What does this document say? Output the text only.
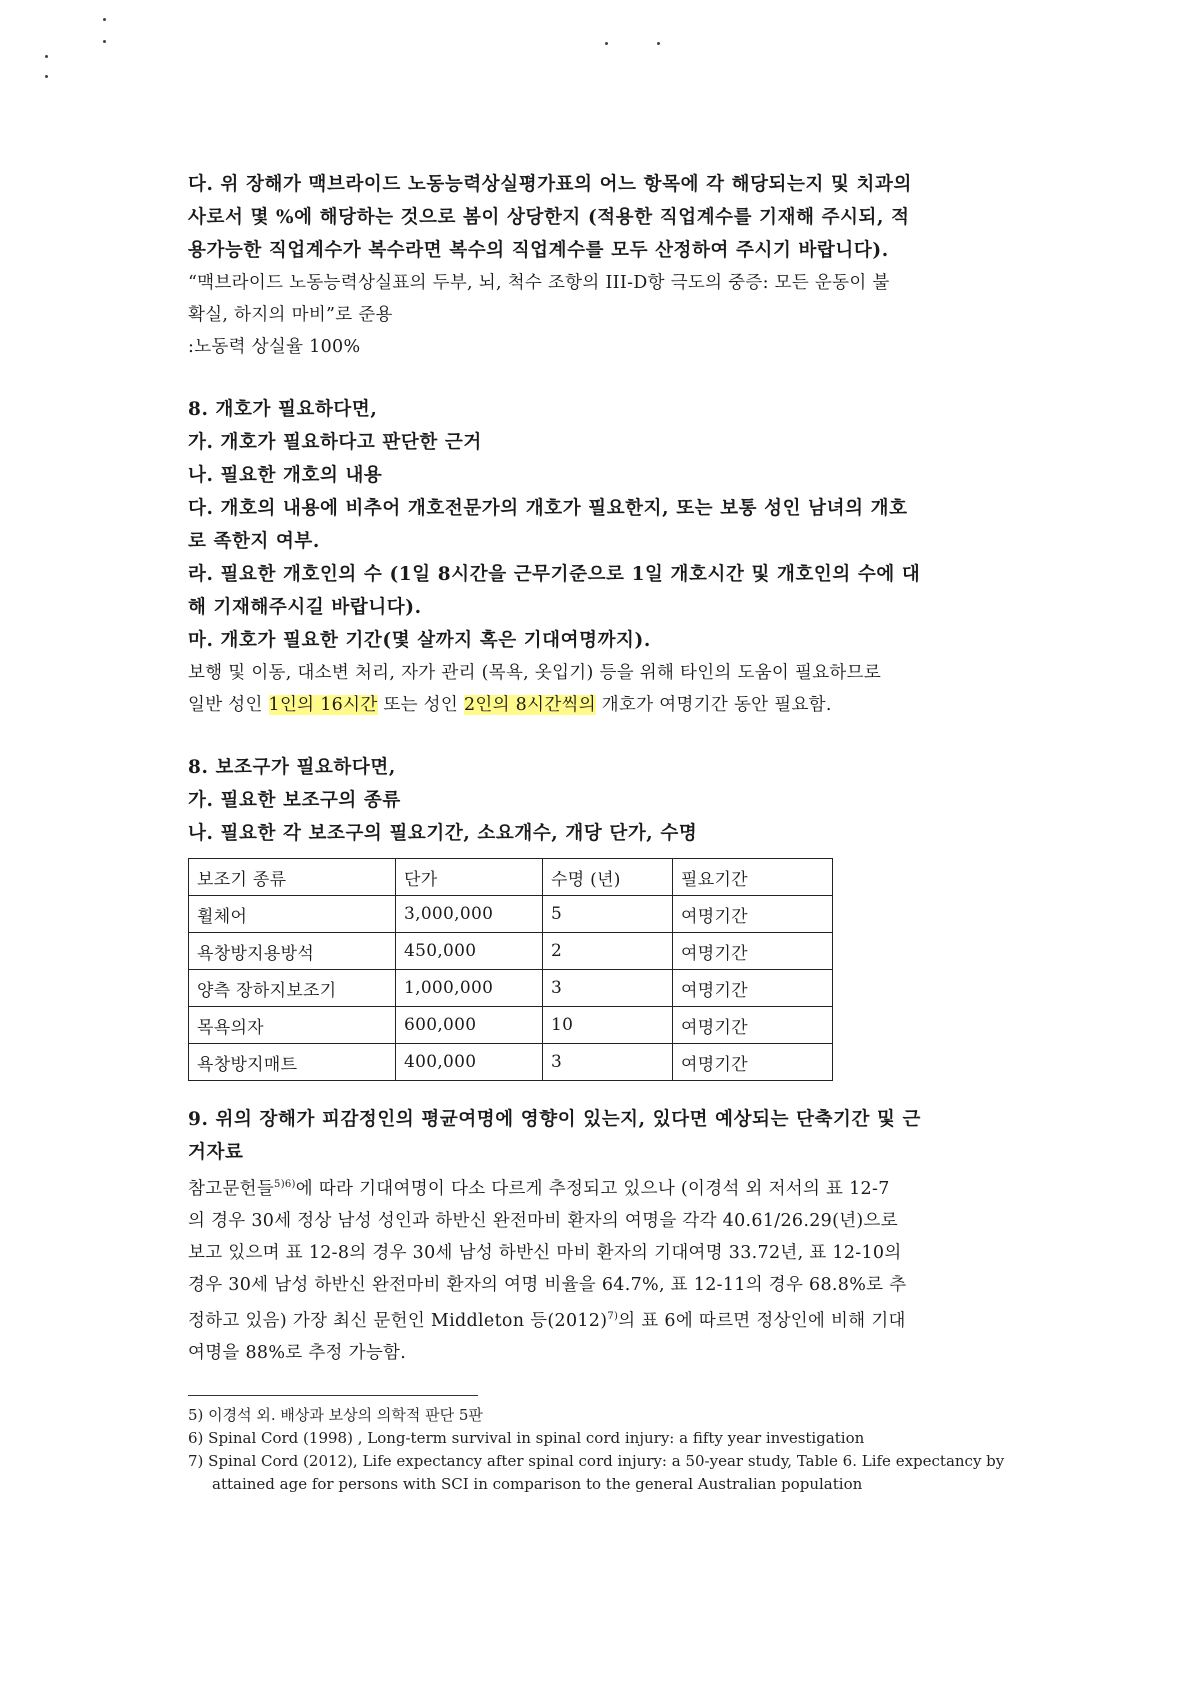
다. 위 장해가 맥브라이드 노동능력상실평가표의 어느 항목에 각 해당되는지 및 치과의
사로서 몇 %에 해당하는 것으로 봄이 상당한지 (적용한 직업계수를 기재해 주시되, 적
용가능한 직업계수가 복수라면 복수의 직업계수를 모두 산정하여 주시기 바랍니다).
“맥브라이드 노동능력상실표의 두부, 뇌, 척수 조항의 III-D항 극도의 중증: 모든 운동이 불
확실, 하지의 마비”로 준용
:노동력 상실율 100%
8. 개호가 필요하다면,
가. 개호가 필요하다고 판단한 근거
나. 필요한 개호의 내용
다. 개호의 내용에 비추어 개호전문가의 개호가 필요한지, 또는 보통 성인 남녀의 개호
로 족한지 여부.
라. 필요한 개호인의 수 (1일 8시간을 근무기준으로 1일 개호시간 및 개호인의 수에 대
해 기재해주시길 바랍니다).
마. 개호가 필요한 기간(몇 살까지 혹은 기대여명까지).
보행 및 이동, 대소변 처리, 자가 관리 (목욕, 옷입기) 등을 위해 타인의 도움이 필요하므로
일반 성인 1인의 16시간 또는 성인 2인의 8시간씩의 개호가 여명기간 동안 필요함.
8. 보조구가 필요하다면,
가. 필요한 보조구의 종류
나. 필요한 각 보조구의 필요기간, 소요개수, 개당 단가, 수명
보조기 종류	단가	수명 (년)	필요기간
휠체어	3,000,000	5	여명기간
욕창방지용방석	450,000	2	여명기간
양측 장하지보조기	1,000,000	3	여명기간
목욕의자	600,000	10	여명기간
욕창방지매트	400,000	3	여명기간
9. 위의 장해가 피감정인의 평균여명에 영향이 있는지, 있다면 예상되는 단축기간 및 근
거자료
참고문헌들$^{5)6)}$에 따라 기대여명이 다소 다르게 추정되고 있으나 (이경석 외 저서의 표 12-7
의 경우 30세 정상 남성 성인과 하반신 완전마비 환자의 여명을 각각 40.61/26.29(년)으로
보고 있으며 표 12-8의 경우 30세 남성 하반신 마비 환자의 기대여명 33.72년, 표 12-10의
경우 30세 남성 하반신 완전마비 환자의 여명 비율을 64.7%, 표 12-11의 경우 68.8%로 추
정하고 있음) 가장 최신 문헌인 Middleton 등$(2012)^{7)}$의 표 6에 따르면 정상인에 비해 기대
여명을 88%로 추정 가능함.
5) 이경석 외. 배상과 보상의 의학적 판단 5판
6) Spinal Cord (1998) , Long-term survival in spinal cord injury: a fifty year investigation
7) Spinal Cord (2012), Life expectancy after spinal cord injury: a 50-year study, Table 6. Life expectancy by attained age for persons with SCI in comparison to the general Australian population
